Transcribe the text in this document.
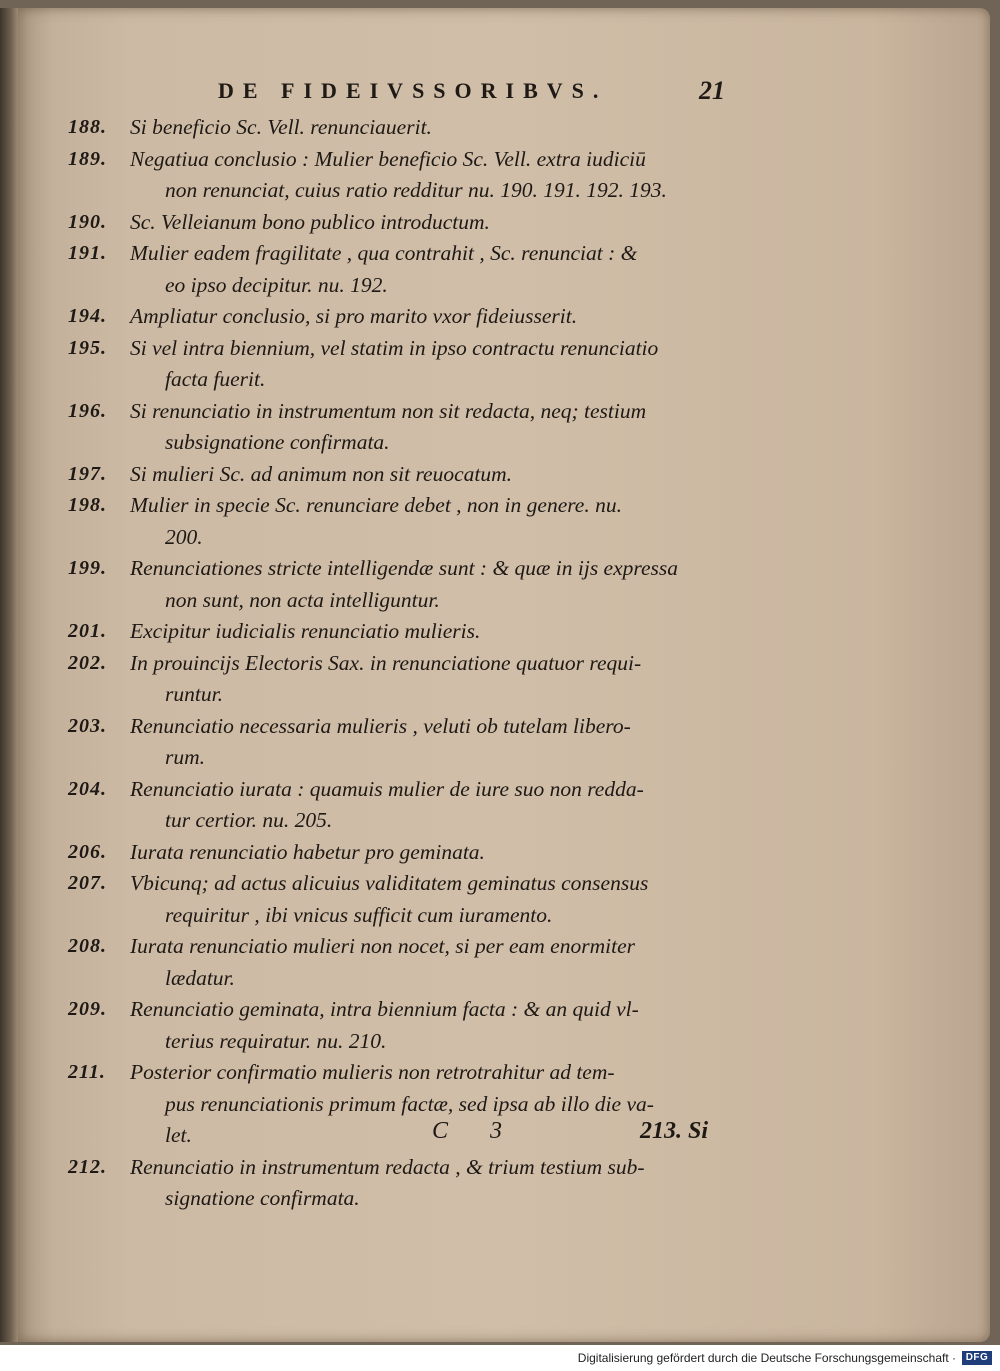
DE FIDEIVSSORIBVS.	21
188.	Si beneficio Sc. Vell. renunciauerit.
189.	Negatiua conclusio : Mulier beneficio Sc. Vell. extra iudiciū
non renunciat, cuius ratio redditur nu. 190. 191. 192. 193.
190.	Sc. Velleianum bono publico introductum.
191.	Mulier eadem fragilitate , qua contrahit , Sc. renunciat : &
eo ipso decipitur. nu. 192.
194.	Ampliatur conclusio, si pro marito vxor fideiusserit.
195.	Si vel intra biennium, vel statim in ipso contractu renunciatio
facta fuerit.
196.	Si renunciatio in instrumentum non sit redacta, neq; testium
subsignatione confirmata.
197.	Si mulieri Sc. ad animum non sit reuocatum.
198.	Mulier in specie Sc. renunciare debet , non in genere. nu.
200.
199.	Renunciationes stricte intelligendæ sunt : & quæ in ijs expressa
non sunt, non acta intelliguntur.
201.	Excipitur iudicialis renunciatio mulieris.
202.	In prouincijs Electoris Sax. in renunciatione quatuor requi-
runtur.
203.	Renunciatio necessaria mulieris , veluti ob tutelam libero-
rum.
204.	Renunciatio iurata : quamuis mulier de iure suo non redda-
tur certior. nu. 205.
206.	Iurata renunciatio habetur pro geminata.
207.	Vbicunq; ad actus alicuius validitatem geminatus consensus
requiritur , ibi vnicus sufficit cum iuramento.
208.	Iurata renunciatio mulieri non nocet, si per eam enormiter
lædatur.
209.	Renunciatio geminata, intra biennium facta : & an quid vl-
terius requiratur. nu. 210.
211.	Posterior confirmatio mulieris non retrotrahitur ad tem-
pus renunciationis primum factæ, sed ipsa ab illo die va-
let.
212.	Renunciatio in instrumentum redacta , & trium testium sub-
signatione confirmata.
C 3	213. Si
Digitalisierung gefördert durch die Deutsche Forschungsgemeinschaft · DFG
